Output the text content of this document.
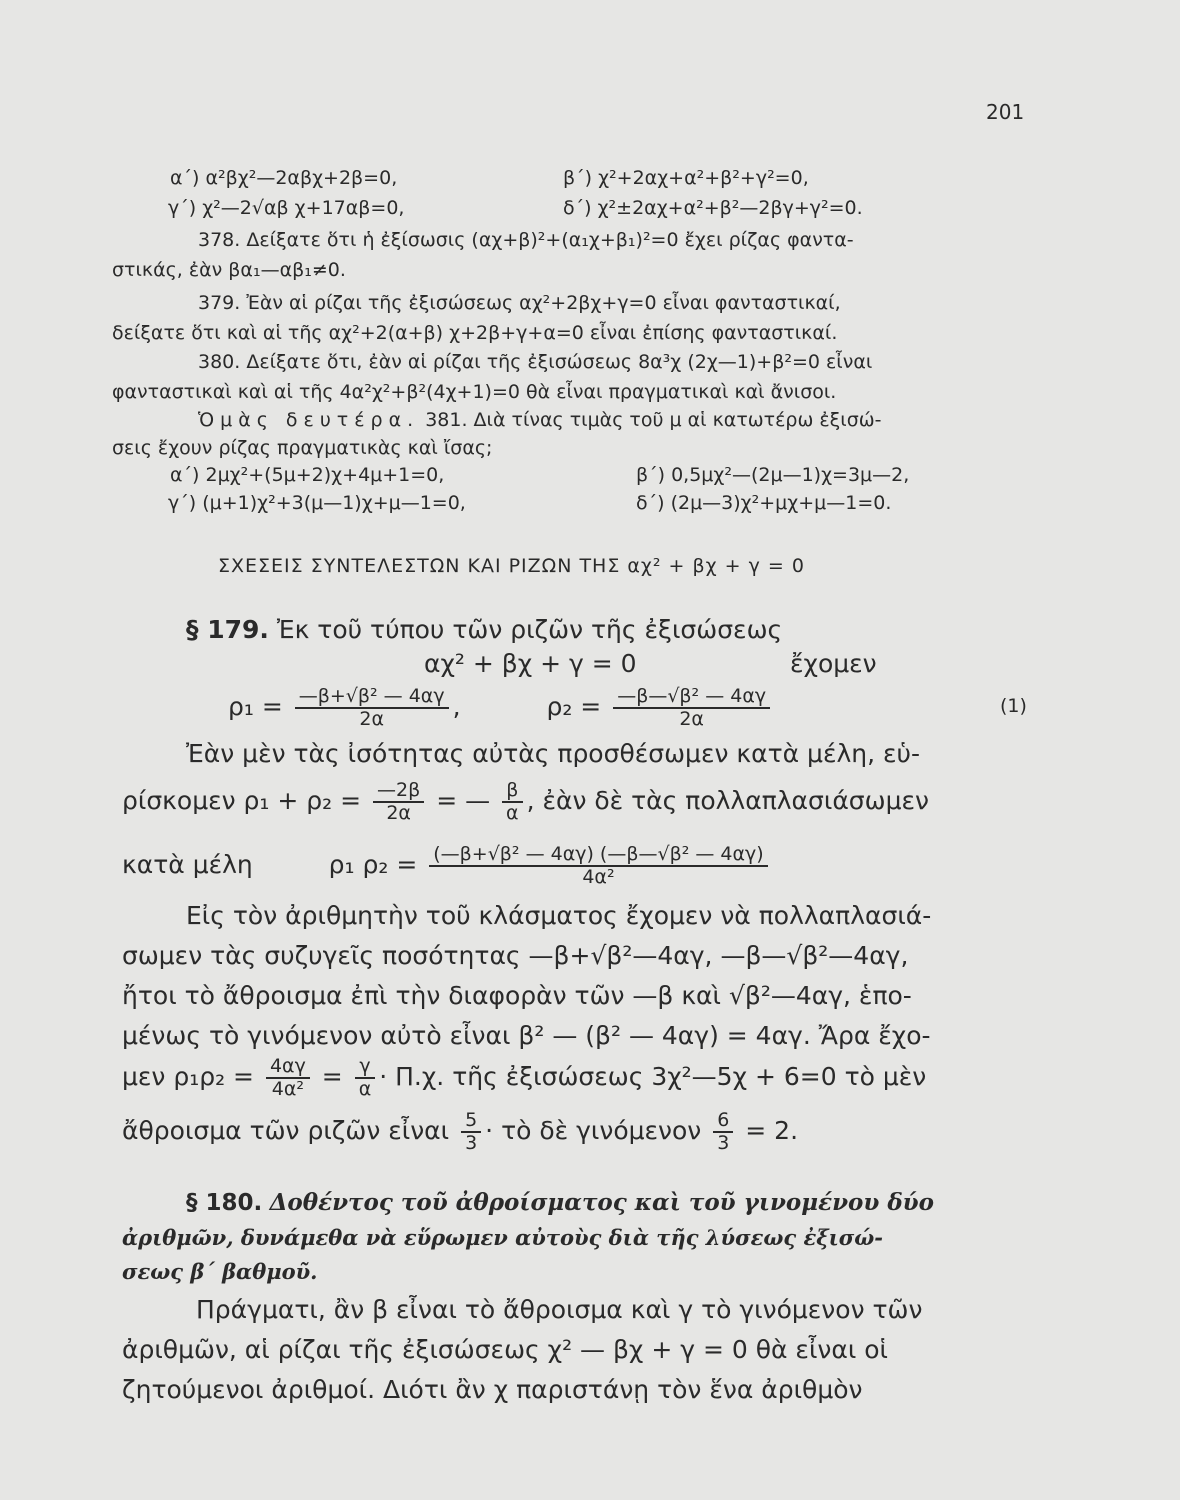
201
α΄) α²βχ²—2αβχ+2β=0,	β΄) χ²+2αχ+α²+β²+γ²=0,
γ΄) χ²—2√αβ χ+17αβ=0,	δ΄) χ²±2αχ+α²+β²—2βγ+γ²=0.
378. Δείξατε ὅτι ἡ ἐξίσωσις (αχ+β)²+(α₁χ+β₁)²=0 ἔχει ρίζας φαντα-
στικάς, ἐὰν βα₁—αβ₁≠0.
379. Ἐὰν αἱ ρίζαι τῆς ἐξισώσεως αχ²+2βχ+γ=0 εἶναι φανταστικαί,
δείξατε ὅτι καὶ αἱ τῆς αχ²+2(α+β) χ+2β+γ+α=0 εἶναι ἐπίσης φανταστικαί.
380. Δείξατε ὅτι, ἐὰν αἱ ρίζαι τῆς ἐξισώσεως 8α³χ (2χ—1)+β²=0 εἶναι
φανταστικαὶ καὶ αἱ τῆς 4α²χ²+β²(4χ+1)=0 θὰ εἶναι πραγματικαὶ καὶ ἄνισοι.
Ὁμὰς δευτέρα. 381. Διὰ τίνας τιμὰς τοῦ μ αἱ κατωτέρω ἐξισώ-
σεις ἔχουν ρίζας πραγματικὰς καὶ ἴσας;
α΄) 2μχ²+(5μ+2)χ+4μ+1=0,	β΄) 0,5μχ²—(2μ—1)χ=3μ—2,
γ΄) (μ+1)χ²+3(μ—1)χ+μ—1=0,	δ΄) (2μ—3)χ²+μχ+μ—1=0.
ΣΧΕΣΕΙΣ ΣΥΝΤΕΛΕΣΤΩΝ ΚΑΙ ΡΙΖΩΝ ΤΗΣ αχ² + βχ + γ = 0
§ 179. Ἐκ τοῦ τύπου τῶν ριζῶν τῆς ἐξισώσεως
αχ² + βχ + γ = 0	ἔχομεν
$\rho_1 = \frac{\text{—β+√β² — 4αγ}}{2\alpha}$ ,	$\rho_2 = \frac{\text{—β—√β² — 4αγ}}{2\alpha}$	(1)
Ἐὰν μὲν τὰς ἰσότητας αὐτὰς προσθέσωμεν κατὰ μέλη, εὑ-
ρίσκομεν $\rho_1 + \rho_2 = \frac{—2\beta}{2\alpha}$ = — $\frac{\beta}{\alpha}$ , ἐὰν δὲ τὰς πολλαπλασιάσωμεν
κατὰ μέλη	ρ₁ $\rho_2 = \frac{\text{(—β+√β² — 4αγ) (—β—√β² — 4αγ)}}{\text{4α²}}$
Εἰς τὸν ἀριθμητὴν τοῦ κλάσματος ἔχομεν νὰ πολλαπλασιά-
σωμεν τὰς συζυγεῖς ποσότητας —β+√β²—4αγ, —β—√β²—4αγ,
ἤτοι τὸ ἄθροισμα ἐπὶ τὴν διαφορὰν τῶν —β καὶ √β²—4αγ, ἑπο-
μένως τὸ γινόμενον αὐτὸ εἶναι β² — (β² — 4αγ) = 4αγ. Ἄρα ἔχο-
μεν $\rho_1\rho_2 = \frac{4\alpha\gamma}{\text{4α²}} = \frac{\gamma}{\alpha} \cdot \Pi.\chi$. τῆς ἐξισώσεως 3χ²—5χ + 6=0 τὸ μὲν
ἄθροισμα τῶν ριζῶν εἶναι $\frac{5}{3}$ · τὸ δὲ γινόμενον $\frac{6}{3} = 2$.
§ 180. Δοθέντος τοῦ ἀθροίσματος καὶ τοῦ γινομένου δύο
ἀριθμῶν, δυνάμεθα νὰ εὕρωμεν αὐτοὺς διὰ τῆς λύσεως ἐξισώ-
σεως β΄ βαθμοῦ.
Πράγματι, ἂν β εἶναι τὸ ἄθροισμα καὶ γ τὸ γινόμενον τῶν
ἀριθμῶν, αἱ ρίζαι τῆς ἐξισώσεως χ² — βχ + γ = 0 θὰ εἶναι οἱ
ζητούμενοι ἀριθμοί. Διότι ἂν χ παριστάνῃ τὸν ἕνα ἀριθμὸν
